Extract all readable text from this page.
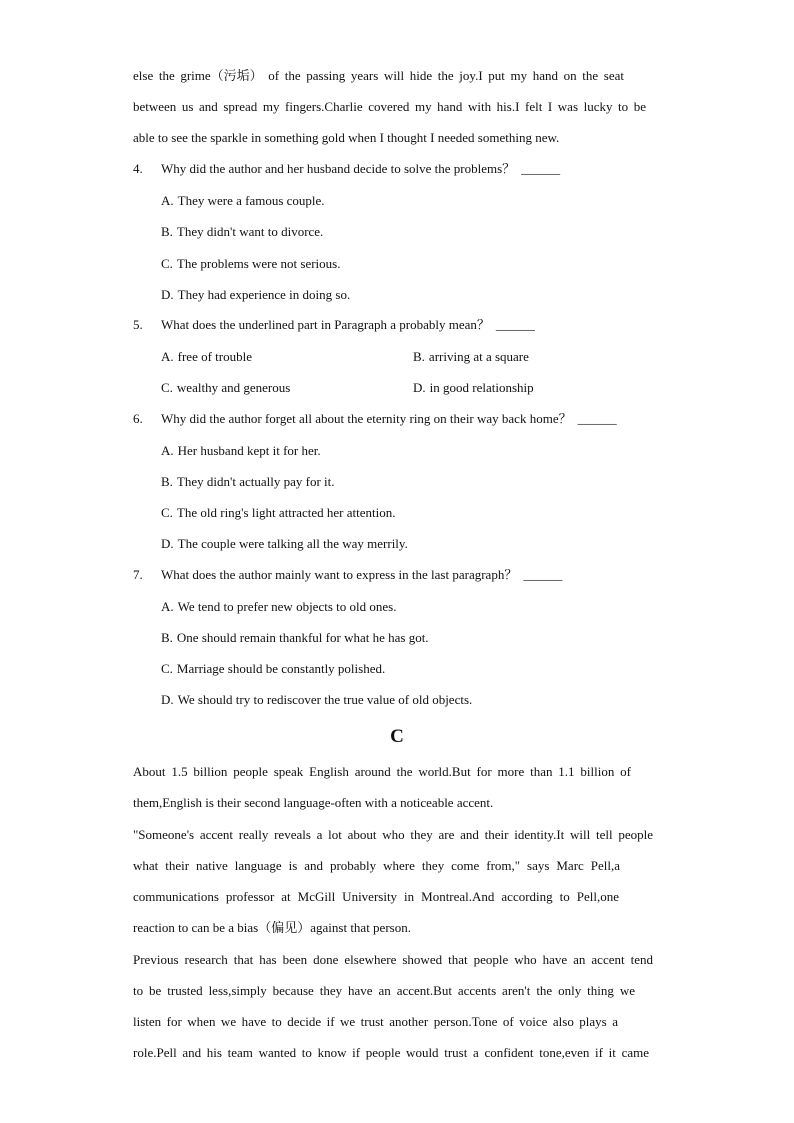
else the grime（污垢） of the passing years will hide the joy.I put my hand on the seat
between us and spread my fingers.Charlie covered my hand with his.I felt I was lucky to be
able to see the sparkle in something gold when I thought I needed something new.
4. Why did the author and her husband decide to solve the problems？ ______
A. They were a famous couple.
B. They didn't want to divorce.
C. The problems were not serious.
D. They had experience in doing so.
5. What does the underlined part in Paragraph a probably mean？ ______
A. free of trouble	B. arriving at a square
C. wealthy and generous	D. in good relationship
6. Why did the author forget all about the eternity ring on their way back home？ ______
A. Her husband kept it for her.
B. They didn't actually pay for it.
C. The old ring's light attracted her attention.
D. The couple were talking all the way merrily.
7. What does the author mainly want to express in the last paragraph？ ______
A. We tend to prefer new objects to old ones.
B. One should remain thankful for what he has got.
C. Marriage should be constantly polished.
D. We should try to rediscover the true value of old objects.
C
About 1.5 billion people speak English around the world.But for more than 1.1 billion of
them,English is their second language-often with a noticeable accent.
"Someone's accent really reveals a lot about who they are and their identity.It will tell people
what their native language is and probably where they come from," says Marc Pell,a
communications professor at McGill University in Montreal.And according to Pell,one
reaction to can be a bias（偏见）against that person.
Previous research that has been done elsewhere showed that people who have an accent tend
to be trusted less,simply because they have an accent.But accents aren't the only thing we
listen for when we have to decide if we trust another person.Tone of voice also plays a
role.Pell and his team wanted to know if people would trust a confident tone,even if it came
